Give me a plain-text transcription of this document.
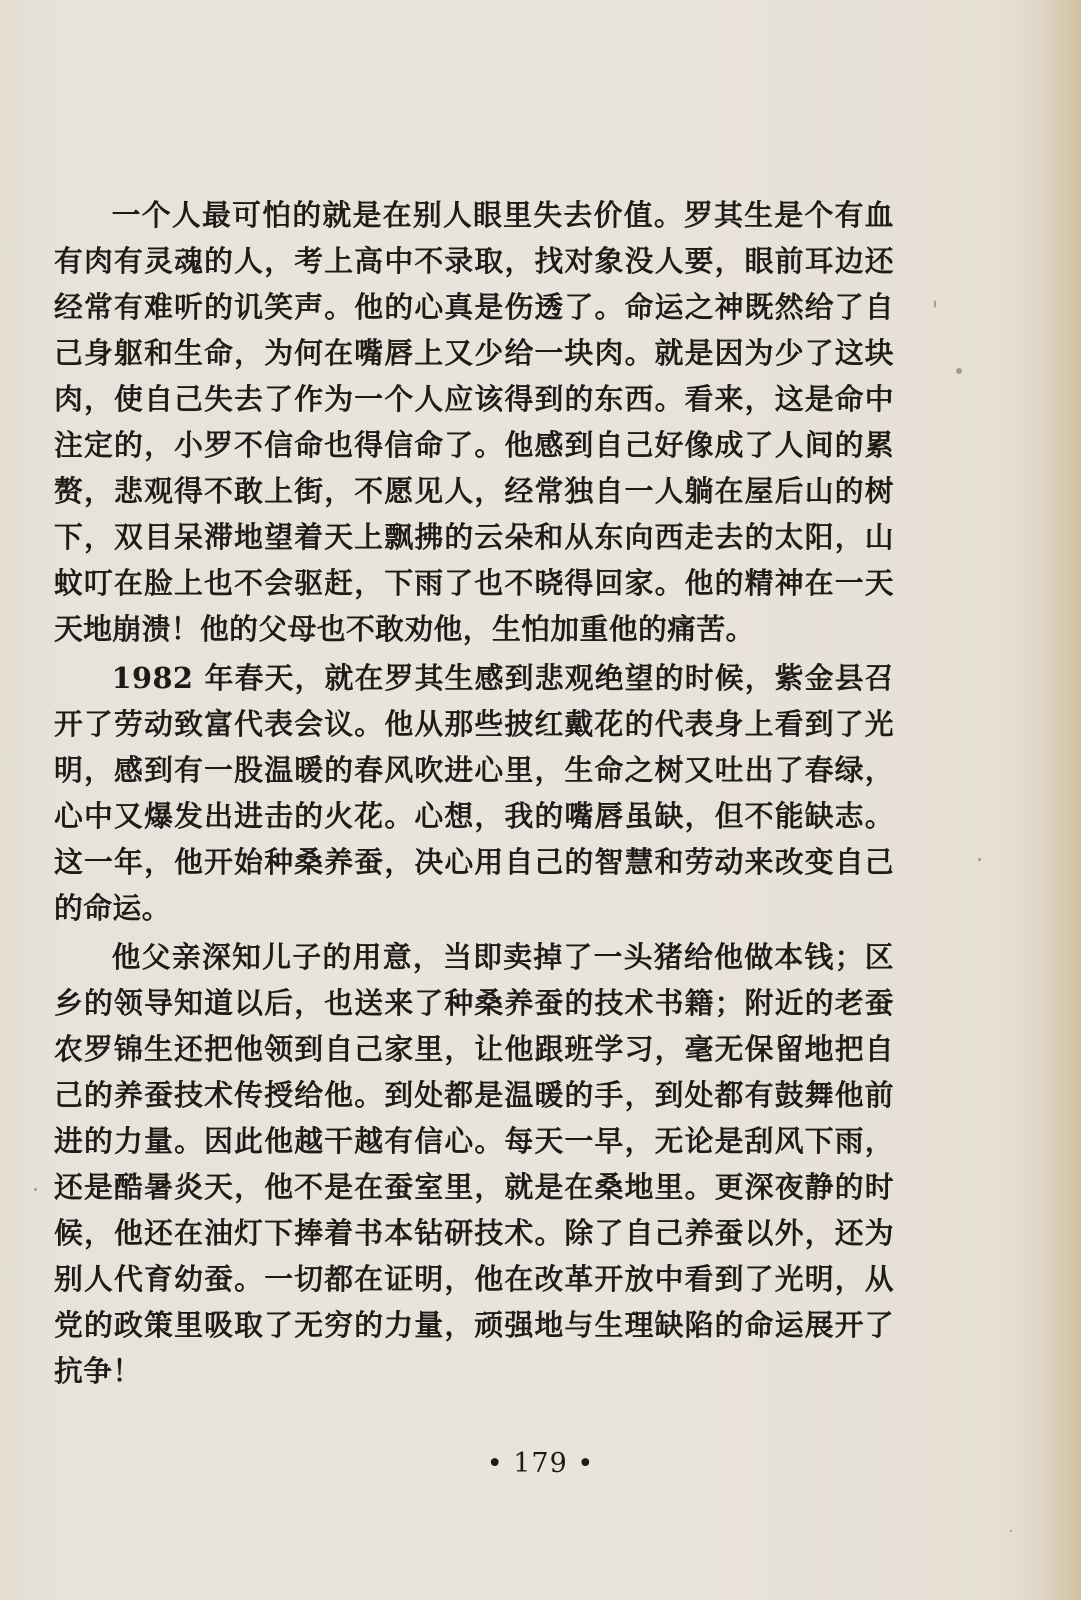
一个人最可怕的就是在别人眼里失去价值。罗其生是个有血有肉有灵魂的人，考上高中不录取，找对象没人要，眼前耳边还经常有难听的讥笑声。他的心真是伤透了。命运之神既然给了自己身躯和生命，为何在嘴唇上又少给一块肉。就是因为少了这块肉，使自己失去了作为一个人应该得到的东西。看来，这是命中注定的，小罗不信命也得信命了。他感到自己好像成了人间的累赘，悲观得不敢上街，不愿见人，经常独自一人躺在屋后山的树下，双目呆滞地望着天上飘拂的云朵和从东向西走去的太阳，山蚊叮在脸上也不会驱赶，下雨了也不晓得回家。他的精神在一天天地崩溃！他的父母也不敢劝他，生怕加重他的痛苦。

1982 年春天，就在罗其生感到悲观绝望的时候，紫金县召开了劳动致富代表会议。他从那些披红戴花的代表身上看到了光明，感到有一股温暖的春风吹进心里，生命之树又吐出了春绿，心中又爆发出进击的火花。心想，我的嘴唇虽缺，但不能缺志。这一年，他开始种桑养蚕，决心用自己的智慧和劳动来改变自己的命运。

他父亲深知儿子的用意，当即卖掉了一头猪给他做本钱；区乡的领导知道以后，也送来了种桑养蚕的技术书籍；附近的老蚕农罗锦生还把他领到自己家里，让他跟班学习，毫无保留地把自己的养蚕技术传授给他。到处都是温暖的手，到处都有鼓舞他前进的力量。因此他越干越有信心。每天一早，无论是刮风下雨，还是酷暑炎天，他不是在蚕室里，就是在桑地里。更深夜静的时候，他还在油灯下捧着书本钻研技术。除了自己养蚕以外，还为别人代育幼蚕。一切都在证明，他在改革开放中看到了光明，从党的政策里吸取了无穷的力量，顽强地与生理缺陷的命运展开了抗争！

• 179 •
